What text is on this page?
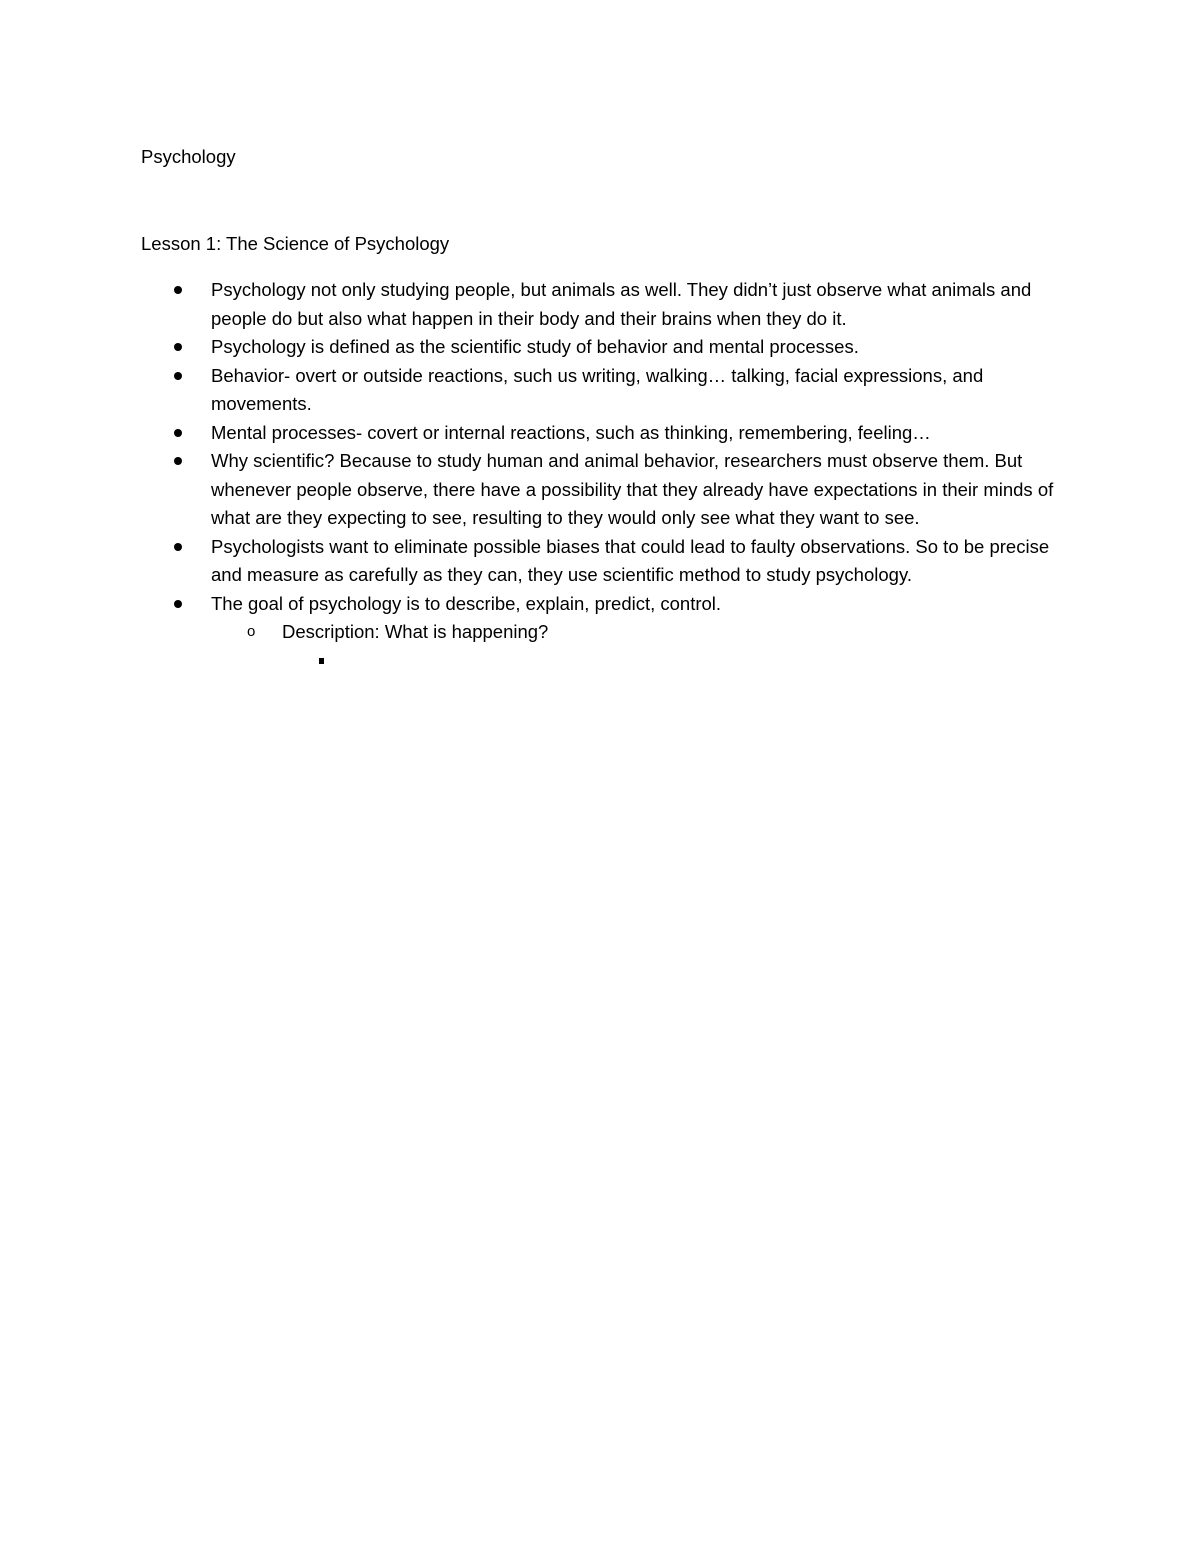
Psychology
Lesson 1: The Science of Psychology
Psychology not only studying people, but animals as well. They didn’t just observe what animals and people do but also what happen in their body and their brains when they do it.
Psychology is defined as the scientific study of behavior and mental processes.
Behavior- overt or outside reactions, such us writing, walking… talking, facial expressions, and movements.
Mental processes- covert or internal reactions, such as thinking, remembering, feeling…
Why scientific? Because to study human and animal behavior, researchers must observe them. But whenever people observe, there have a possibility that they already have expectations in their minds of what are they expecting to see, resulting to they would only see what they want to see.
Psychologists want to eliminate possible biases that could lead to faulty observations. So to be precise and measure as carefully as they can, they use scientific method to study psychology.
The goal of psychology is to describe, explain, predict, control.
o Description: What is happening?
